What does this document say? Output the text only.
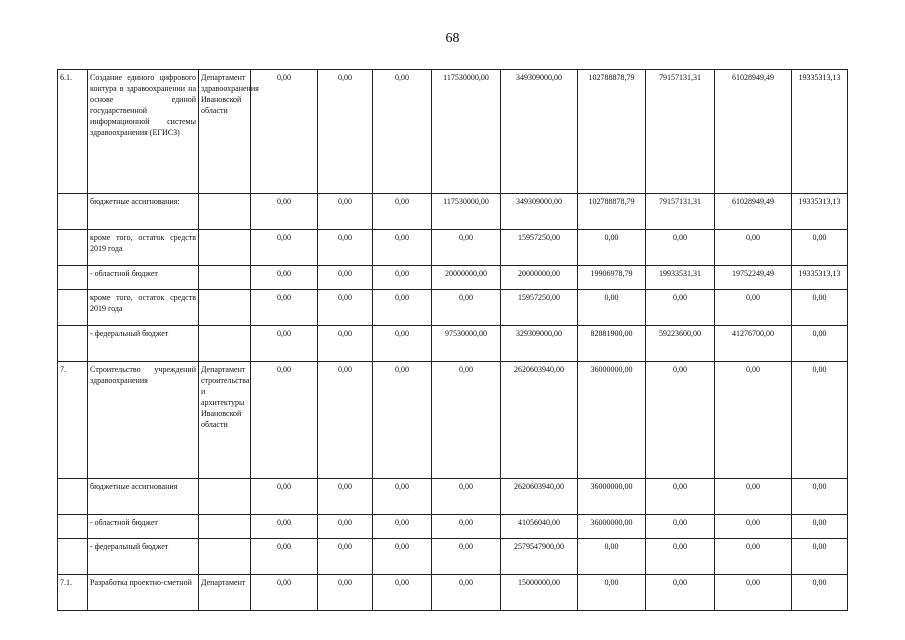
68
6.1.	Создание единого цифрового контура в здравоохранении на основе единой государственной информационной системы здравоохранения (ЕГИСЗ)	Департамент здравоохранения Ивановской области	0,00	0,00	0,00	117530000,00	349309000,00	102788878,79	79157131,31	61028949,49	19335313,13
	бюджетные ассигнования:		0,00	0,00	0,00	117530000,00	349309000,00	102788878,79	79157131,31	61028949,49	19335313,13
	кроме того, остаток средств 2019 года		0,00	0,00	0,00	0,00	15957250,00	0,00	0,00	0,00	0,00
	- областной бюджет		0,00	0,00	0,00	20000000,00	20000000,00	19906978,79	19933531,31	19752249,49	19335313,13
	кроме того, остаток средств 2019 года		0,00	0,00	0,00	0,00	15957250,00	0,00	0,00	0,00	0,00
	- федеральный бюджет		0,00	0,00	0,00	97530000,00	329309000,00	82881900,00	59223600,00	41276700,00	0,00
7.	Строительство учреждений здравоохранения	Департамент строительства и архитектуры Ивановской области	0,00	0,00	0,00	0,00	2620603940,00	36000000,00	0,00	0,00	0,00
	бюджетные ассигнования		0,00	0,00	0,00	0,00	2620603940,00	36000000,00	0,00	0,00	0,00
	- областной бюджет		0,00	0,00	0,00	0,00	41056040,00	36000000,00	0,00	0,00	0,00
	- федеральный бюджет		0,00	0,00	0,00	0,00	2579547900,00	0,00	0,00	0,00	0,00
7.1.	Разработка проектно-сметной	Департамент	0,00	0,00	0,00	0,00	15000000,00	0,00	0,00	0,00	0,00
